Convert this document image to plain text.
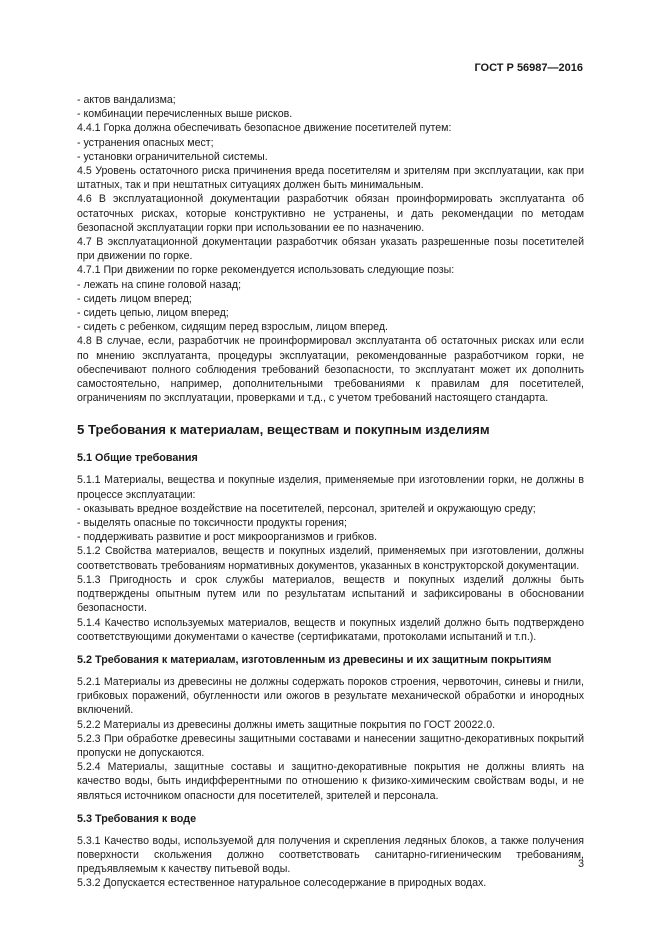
ГОСТ Р 56987—2016

- актов вандализма;

- комбинации перечисленных выше рисков.

4.4.1 Горка должна обеспечивать безопасное движение посетителей путем:

- устранения опасных мест;

- установки ограничительной системы.

4.5 Уровень остаточного риска причинения вреда посетителям и зрителям при эксплуатации, как при штатных, так и при нештатных ситуациях должен быть минимальным.

4.6 В эксплуатационной документации разработчик обязан проинформировать эксплуатанта об остаточных рисках, которые конструктивно не устранены, и дать рекомендации по методам безопасной эксплуатации горки при использовании ее по назначению.

4.7 В эксплуатационной документации разработчик обязан указать разрешенные позы посетителей при движении по горке.

4.7.1 При движении по горке рекомендуется использовать следующие позы:

- лежать на спине головой назад;

- сидеть лицом вперед;

- сидеть цепью, лицом вперед;

- сидеть с ребенком, сидящим перед взрослым, лицом вперед.

4.8 В случае, если, разработчик не проинформировал эксплуатанта об остаточных рисках или если по мнению эксплуатанта, процедуры эксплуатации, рекомендованные разработчиком горки, не обеспечивают полного соблюдения требований безопасности, то эксплуатант может их дополнить самостоятельно, например, дополнительными требованиями к правилам для посетителей, ограничениям по эксплуатации, проверками и т.д., с учетом требований настоящего стандарта.

5 Требования к материалам, веществам и покупным изделиям
5.1 Общие требования

5.1.1 Материалы, вещества и покупные изделия, применяемые при изготовлении горки, не должны в процессе эксплуатации:

- оказывать вредное воздействие на посетителей, персонал, зрителей и окружающую среду;

- выделять опасные по токсичности продукты горения;

- поддерживать развитие и рост микроорганизмов и грибков.

5.1.2 Свойства материалов, веществ и покупных изделий, применяемых при изготовлении, должны соответствовать требованиям нормативных документов, указанных в конструкторской документации.

5.1.3 Пригодность и срок службы материалов, веществ и покупных изделий должны быть подтверждены опытным путем или по результатам испытаний и зафиксированы в обосновании безопасности.

5.1.4 Качество используемых материалов, веществ и покупных изделий должно быть подтверждено соответствующими документами о качестве (сертификатами, протоколами испытаний и т.п.).

5.2 Требования к материалам, изготовленным из древесины и их защитным покрытиям

5.2.1 Материалы из древесины не должны содержать пороков строения, червоточин, синевы и гнили, грибковых поражений, обугленности или ожогов в результате механической обработки и инородных включений.

5.2.2 Материалы из древесины должны иметь защитные покрытия по ГОСТ 20022.0.

5.2.3 При обработке древесины защитными составами и нанесении защитно-декоративных покрытий пропуски не допускаются.

5.2.4 Материалы, защитные составы и защитно-декоративные покрытия не должны влиять на качество воды, быть индифферентными по отношению к физико-химическим свойствам воды, и не являться источником опасности для посетителей, зрителей и персонала.

5.3 Требования к воде

5.3.1 Качество воды, используемой для получения и скрепления ледяных блоков, а также получения поверхности скольжения должно соответствовать санитарно-гигиеническим требованиям, предъявляемым к качеству питьевой воды.

5.3.2 Допускается естественное натуральное солесодержание в природных водах.

3
